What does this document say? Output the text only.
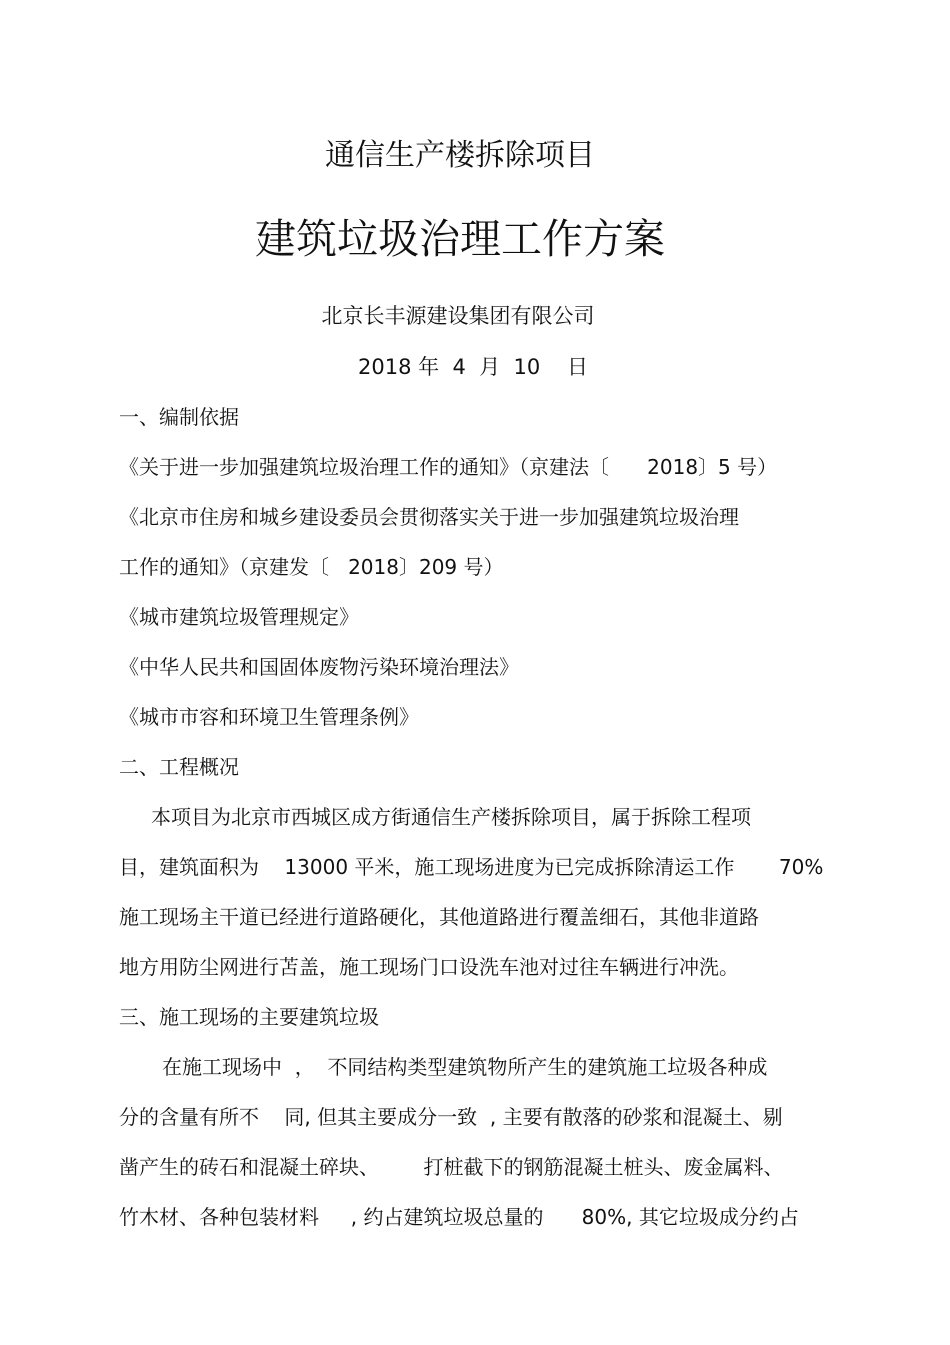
通信生产楼拆除项目
建筑垃圾治理工作方案
北京长丰源建设集团有限公司
2018 年  4  月  10    日
一、编制依据
《关于进一步加强建筑垃圾治理工作的通知》（京建法〔      2018〕5 号）
《北京市住房和城乡建设委员会贯彻落实关于进一步加强建筑垃圾治理
工作的通知》（京建发〔   2018〕209 号）
《城市建筑垃圾管理规定》
《中华人民共和国固体废物污染环境治理法》
《城市市容和环境卫生管理条例》
二、工程概况
本项目为北京市西城区成方街通信生产楼拆除项目，属于拆除工程项
目，建筑面积为    13000 平米，施工现场进度为已完成拆除清运工作       70%
施工现场主干道已经进行道路硬化，其他道路进行覆盖细石，其他非道路
地方用防尘网进行苫盖，施工现场门口设洗车池对过往车辆进行冲洗。
三、施工现场的主要建筑垃圾
在施工现场中  ，  不同结构类型建筑物所产生的建筑施工垃圾各种成
分的含量有所不    同, 但其主要成分一致  , 主要有散落的砂浆和混凝土、剔
凿产生的砖石和混凝土碎块、       打桩截下的钢筋混凝土桩头、废金属料、
竹木材、各种包装材料     , 约占建筑垃圾总量的      80%, 其它垃圾成分约占
